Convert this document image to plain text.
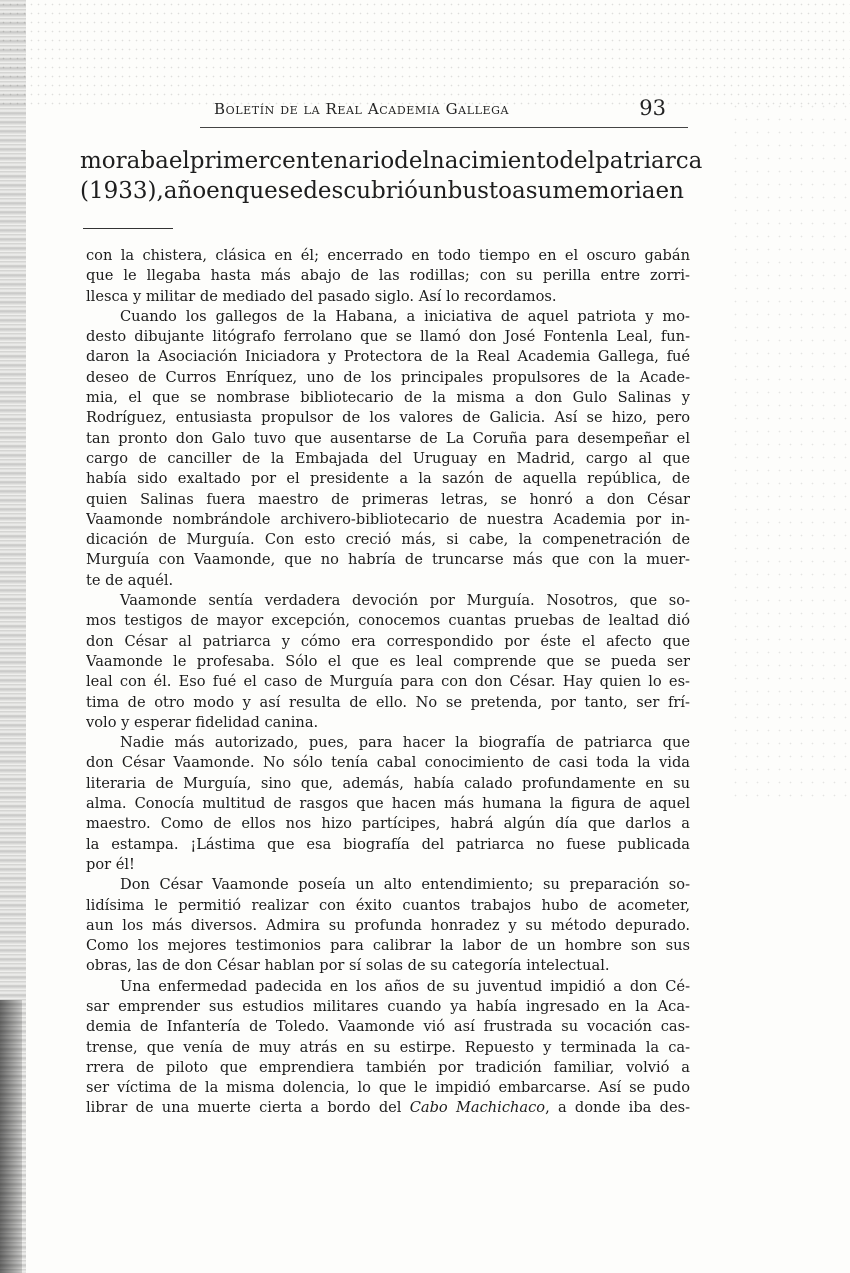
Boletín de la Real Academia Gallega	93

moraba el primer centenario del nacimiento del patriarca

(1933), año en que se descubrió un busto a su memoria en

con la chistera, clásica en él; encerrado en todo tiempo en el oscuro gabán
que le llegaba hasta más abajo de las rodillas; con su perilla entre zorri-
llesca y militar de mediado del pasado siglo. Así lo recordamos.
Cuando los gallegos de la Habana, a iniciativa de aquel patriota y mo-
desto dibujante litógrafo ferrolano que se llamó don José Fontenla Leal, fun-
daron la Asociación Iniciadora y Protectora de la Real Academia Gallega, fué
deseo de Curros Enríquez, uno de los principales propulsores de la Acade-
mia, el que se nombrase bibliotecario de la misma a don Gulo Salinas y
Rodríguez, entusiasta propulsor de los valores de Galicia. Así se hizo, pero
tan pronto don Galo tuvo que ausentarse de La Coruña para desempeñar el
cargo de canciller de la Embajada del Uruguay en Madrid, cargo al que
había sido exaltado por el presidente a la sazón de aquella república, de
quien Salinas fuera maestro de primeras letras, se honró a don César
Vaamonde nombrándole archivero-bibliotecario de nuestra Academia por in-
dicación de Murguía. Con esto creció más, si cabe, la compenetración de
Murguía con Vaamonde, que no habría de truncarse más que con la muer-
te de aquél.
Vaamonde sentía verdadera devoción por Murguía. Nosotros, que so-
mos testigos de mayor excepción, conocemos cuantas pruebas de lealtad dió
don César al patriarca y cómo era correspondido por éste el afecto que
Vaamonde le profesaba. Sólo el que es leal comprende que se pueda ser
leal con él. Eso fué el caso de Murguía para con don César. Hay quien lo es-
tima de otro modo y así resulta de ello. No se pretenda, por tanto, ser frí-
volo y esperar fidelidad canina.
Nadie más autorizado, pues, para hacer la biografía de patriarca que
don César Vaamonde. No sólo tenía cabal conocimiento de casi toda la vida
literaria de Murguía, sino que, además, había calado profundamente en su
alma. Conocía multitud de rasgos que hacen más humana la figura de aquel
maestro. Como de ellos nos hizo partícipes, habrá algún día que darlos a
la estampa. ¡Lástima que esa biografía del patriarca no fuese publicada
por él!
Don César Vaamonde poseía un alto entendimiento; su preparación so-
lidísima le permitió realizar con éxito cuantos trabajos hubo de acometer,
aun los más diversos. Admira su profunda honradez y su método depurado.
Como los mejores testimonios para calibrar la labor de un hombre son sus
obras, las de don César hablan por sí solas de su categoría intelectual.
Una enfermedad padecida en los años de su juventud impidió a don Cé-
sar emprender sus estudios militares cuando ya había ingresado en la Aca-
demia de Infantería de Toledo. Vaamonde vió así frustrada su vocación cas-
trense, que venía de muy atrás en su estirpe. Repuesto y terminada la ca-
rrera de piloto que emprendiera también por tradición familiar, volvió a
ser víctima de la misma dolencia, lo que le impidió embarcarse. Así se pudo
librar de una muerte cierta a bordo del Cabo Machichaco, a donde iba des-
